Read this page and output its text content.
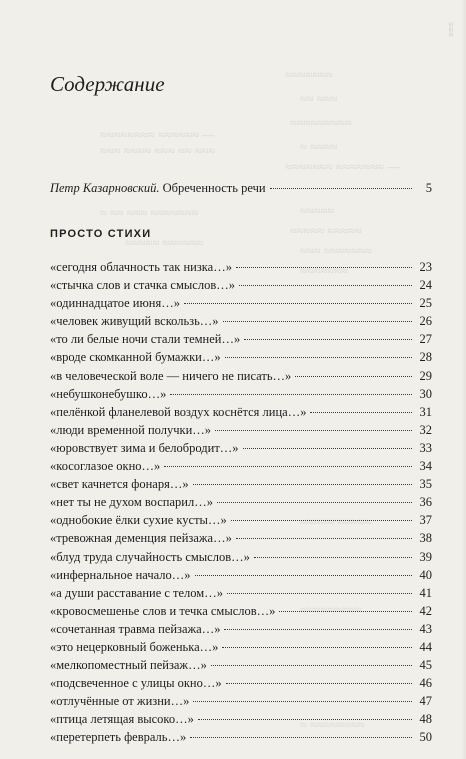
≈≈≈≈≈≈≈
≈≈ ≈≈≈
≈≈≈≈≈≈≈≈≈
≈≈≈≈≈≈≈≈ ≈≈≈≈≈≈ —
≈≈≈ ≈≈≈≈ ≈≈≈ ≈≈ ≈≈≈	≈ ≈≈≈≈
≈≈≈≈≈≈≈ ≈≈≈≈≈≈≈ —
≈≈≈≈≈
≈ ≈≈ ≈≈≈ ≈≈≈≈≈≈≈
≈≈≈≈≈ ≈≈≈≈≈
≈≈≈ ≈≈≈≈≈≈≈
≈≈≈≈≈ ≈≈≈≈≈≈
≈≈≈≈≈≈≈
≈≈≈≈≈ ≈≈≈≈≈
≈≈≈≈≈≈≈≈≈
≈ ≈≈≈≈≈≈≈≈
≡≡≡
Содержание
Петр Казарновский. Обреченность речи	5
ПРОСТО СТИХИ
«сегодня облачность так низка…»	23
«стычка слов и стачка смыслов…»	24
«одиннадцатое июня…»	25
«человек живущий вскользь…»	26
«то ли белые ночи стали темней…»	27
«вроде скомканной бумажки…»	28
«в человеческой воле — ничего не писать…»	29
«небушконебушко…»	30
«пелёнкой фланелевой воздух коснётся лица…»	31
«люди временной получки…»	32
«юровствует зима и белобродит…»	33
«косоглазое окно…»	34
«свет качнется фонаря…»	35
«нет ты не духом воспарил…»	36
«однобокие ёлки сухие кусты…»	37
«тревожная деменция пейзажа…»	38
«блуд труда случайность смыслов…»	39
«инфернальное начало…»	40
«а души расставание с телом…»	41
«кровосмешенье слов и течка смыслов…»	42
«сочетанная травма пейзажа…»	43
«это нецерковный боженька…»	44
«мелкопоместный пейзаж…»	45
«подсвеченное с улицы окно…»	46
«отлучённые от жизни…»	47
«птица летящая высоко…»	48
«перетерпеть февраль…»	50
